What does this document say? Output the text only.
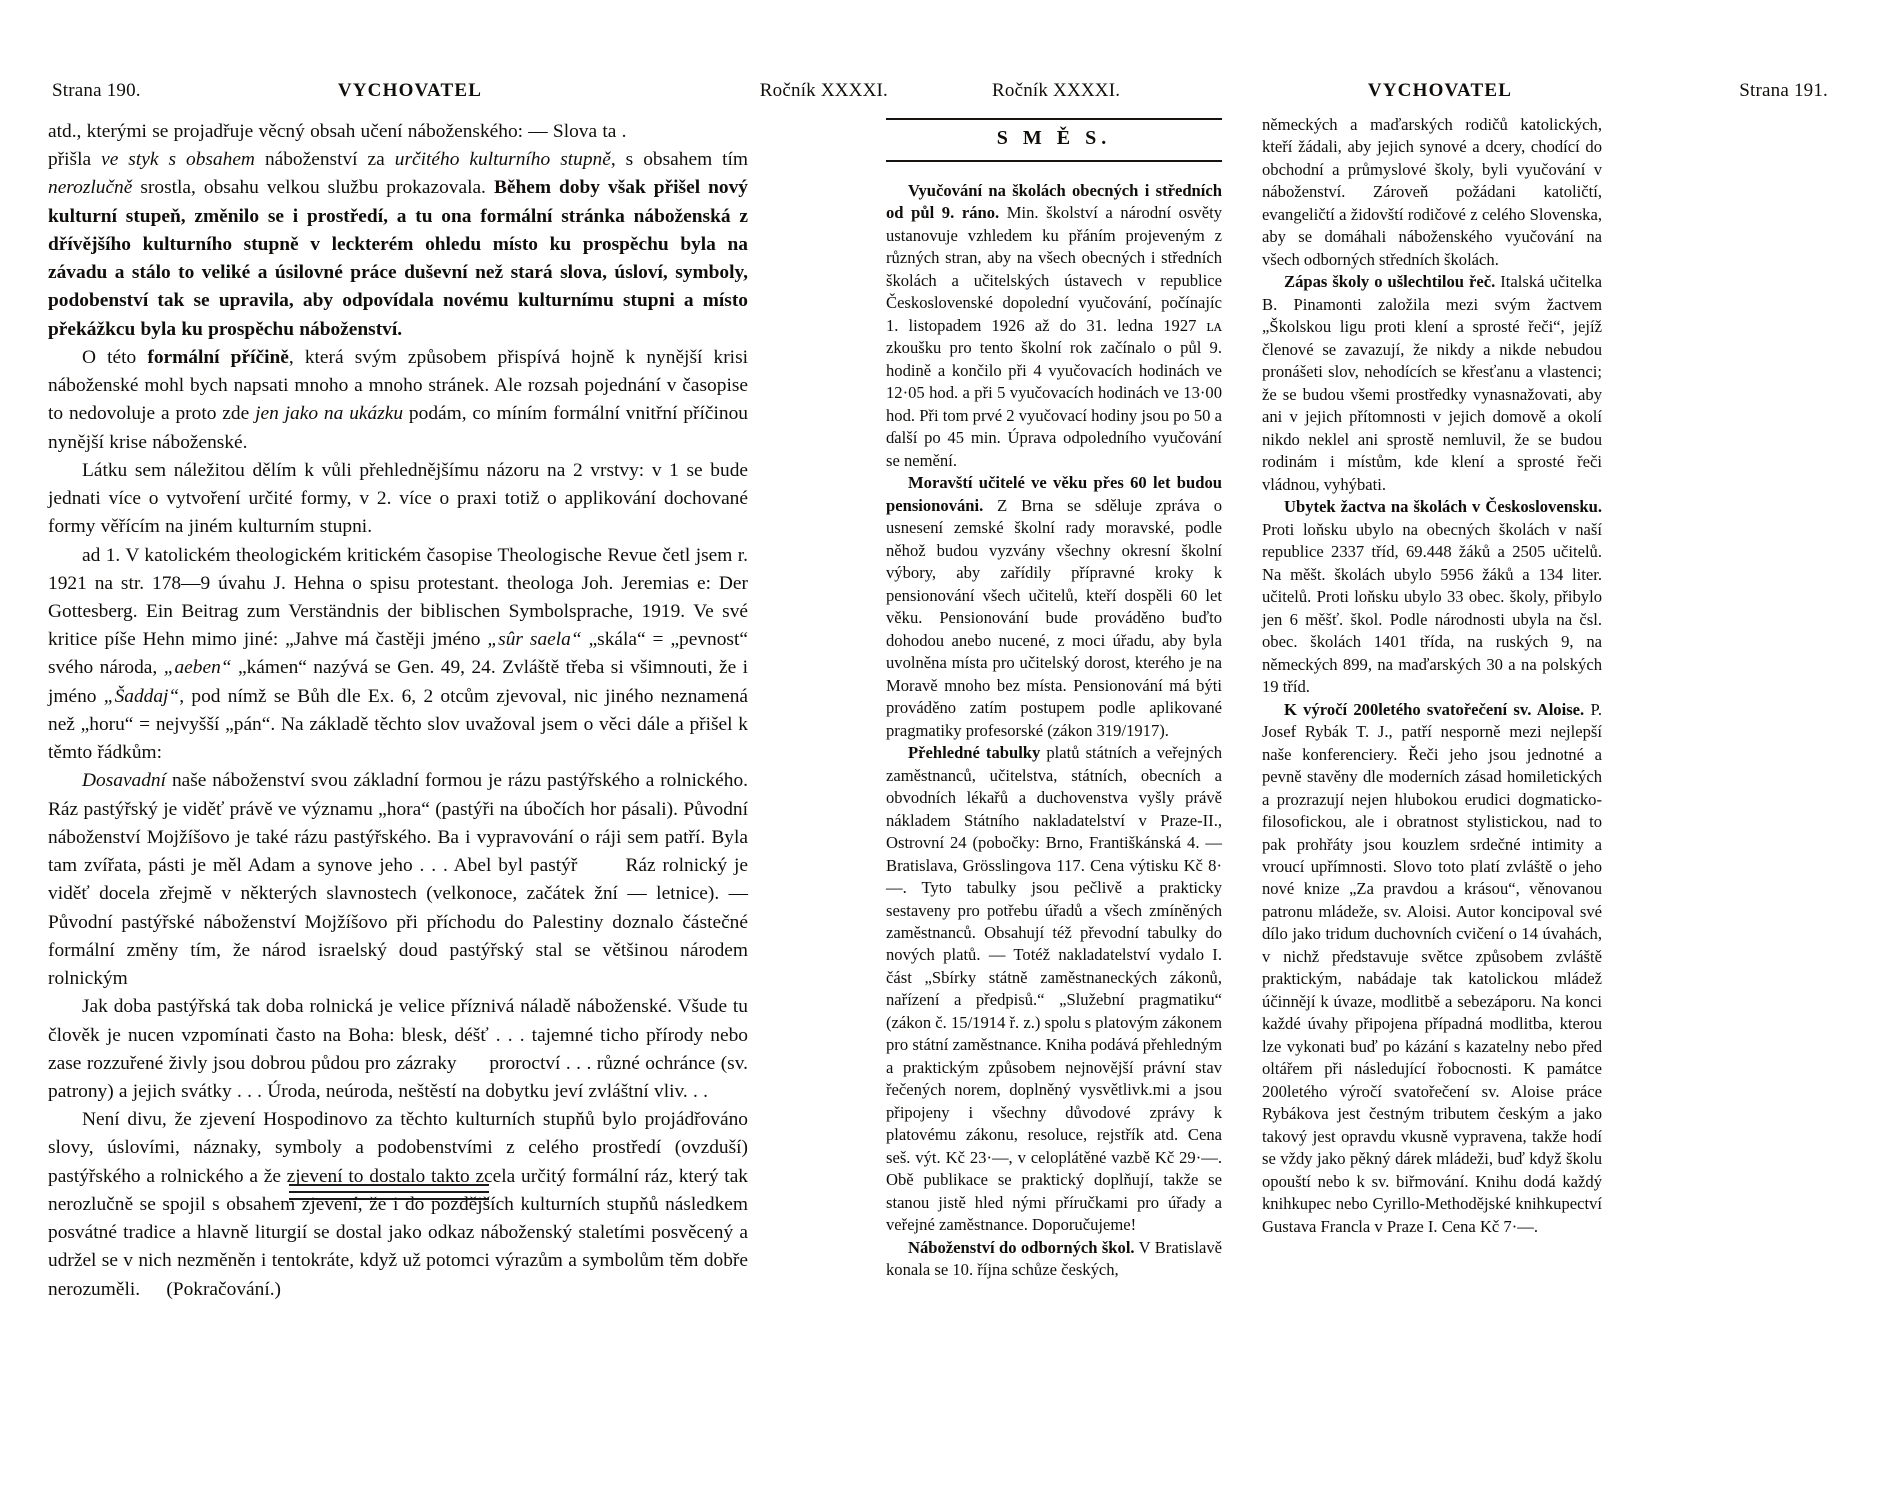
Strana 190.	VYCHOVATEL	Ročník XXXXI.

atd., kterými se projadřuje věcný obsah učení náboženského: — Slova ta .
přišla ve styk s obsahem náboženství za určitého kulturního stupně, s obsahem tím nerozlučně srostla, obsahu velkou službu prokazovala. Během doby však přišel nový kulturní stupeň, změnilo se i prostředí, a tu ona formální stránka náboženská z dřívějšího kulturního stupně v leckterém ohledu místo ku prospěchu byla na závadu a stálo to veliké a úsilovné práce duševní než stará slova, úsloví, symboly, podobenství tak se upravila, aby odpovídala novému kulturnímu stupni a místo překážkcu byla ku prospěchu náboženství.

O této formální příčině, která svým způsobem přispívá hojně k nynější krisi náboženské mohl bych napsati mnoho a mnoho stránek. Ale rozsah pojednání v časopise to nedovoluje a proto zde jen jako na ukázku podám, co míním formální vnitřní příčinou nynější krise náboženské.

Látku sem náležitou dělím k vůli přehlednějšímu názoru na 2 vrstvy: v 1 se bude jednati více o vytvoření určité formy, v 2. více o praxi totiž o applikování dochované formy věřícím na jiném kulturním stupni.

ad 1. V katolickém theologickém kritickém časopise Theologische Revue četl jsem r. 1921 na str. 178—9 úvahu J. Hehna o spisu protestant. theologa Joh. Jeremias e: Der Gottesberg. Ein Beitrag zum Verständnis der biblischen Symbolsprache, 1919. Ve své kritice píše Hehn mimo jiné: „Jahve má častěji jméno „sûr saela“ „skála“ = „pevnost“ svého národa, „aeben“ „kámen“ nazývá se Gen. 49, 24. Zvláště třeba si všimnouti, že i jméno „Šaddaj“, pod nímž se Bůh dle Ex. 6, 2 otcům zjevoval, nic jiného neznamená než „horu“ = nejvyšší „pán“. Na základě těchto slov uvažoval jsem o věci dále a přišel k těmto řádkům:

Dosavadní naše náboženství svou základní formou je rázu pastýřského a rolnického. Ráz pastýřský je viděť právě ve významu „hora“ (pastýři na úbočích hor pásali). Původní náboženství Mojžíšovo je také rázu pastýřského. Ba i vypravování o ráji sem patří. Byla tam zvířata, pásti je měl Adam a synove jeho . . . Abel byl pastýř       Ráz rolnický je viděť docela zřejmě v některých slavnostech (velkonoce, začátek žní — letnice). — Původní pastýřské náboženství Mojžíšovo při příchodu do Palestiny doznalo částečné formální změny tím, že národ israelský doud pastýřský stal se většinou národem rolnickým

Jak doba pastýřská tak doba rolnická je velice příznivá náladě náboženské. Všude tu člověk je nucen vzpomínati často na Boha: blesk, déšť . . . tajemné ticho přírody nebo zase rozzuřené živly jsou dobrou půdou pro zázraky      proroctví . . . různé ochránce (sv. patrony) a jejich svátky . . . Úroda, neúroda, neštěstí na dobytku jeví zvláštní vliv. . .

Není divu, že zjevení Hospodinovo za těchto kulturních stupňů bylo projádřováno slovy, úslovími, náznaky, symboly a podobenstvími z celého prostředí (ovzduší) pastýřského a rolnického a že zjevení to dostalo takto zcela určitý formální ráz, který tak nerozlučně se spojil s obsahem zjevení, že i do pozdějších kulturních stupňů následkem posvátné tradice a hlavně liturgií se dostal jako odkaz náboženský staletími posvěcený a udržel se v nich nezměněn i tentokráte, když už potomci výrazům a symbolům těm dobře nerozuměli.     (Pokračování.)

Ročník XXXXI.	VYCHOVATEL	Strana 191.
S M Ě S.

Vyučování na školách obecných i středních od půl 9. ráno. Min. školství a národní osvěty ustanovuje vzhledem ku přáním projeveným z různých stran, aby na všech obecných i středních školách a učitelských ústavech v republice Československé dopolední vyučování, počínajíc 1. listopadem 1926 až do 31. ledna 1927 ʟᴀ zkoušku pro tento školní rok začínalo o půl 9. hodině a končilo při 4 vyučovacích hodinách ve 12·05 hod. a při 5 vyučovacích hodinách ve 13·00 hod. Při tom prvé 2 vyučovací hodiny jsou po 50 a ɗalší po 45 min. Úprava odpoledního vyučování se nemění.

Moravští učitelé ve věku přes 60 let budou pensionováni. Z Brna se sděluje zpráva o usnesení zemské školní rady moravské, podle něhož budou vyzvány všechny okresní školní výbory, aby zařídily přípravné kroky k pensionování všech učitelů, kteří dospěli 60 let věku. Pensionování bude prováděno buďto dohodou anebo nucené, z moci úřadu, aby byla uvolněna místa pro učitelský dorost, kterého je na Moravě mnoho bez místa. Pensionování má býti prováděno zatím postupem podle aplikované pragmatiky profesorské (zákon 319/1917).

Přehledné tabulky platů státních a veřejných zaměstnanců, učitelstva, státních, obecních a obvodních lékařů a duchovenstva vyšly právě nákladem Státního nakladatelství v Praze-II., Ostrovní 24 (pobočky: Brno, Františkánská 4. — Bratislava, Grösslingova 117. Cena výtisku Kč 8·—. Tyto tabulky jsou pečlivě a prakticky sestaveny pro potřebu úřadů a všech zmíněných zaměstnanců. Obsahují též převodní tabulky do nových platů. — Totéž nakladatelství vydalo I. část „Sbírky státně zaměstnaneckých zákonů, nařízení a předpisů.“ „Služební pragmatiku“ (zákon č. 15/1914 ř. z.) spolu s platovým zákonem pro státní zaměstnance. Kniha podává přehledným a praktickým způsobem nejnovější právní stav řečených norem, doplněný vysvětlivk.mi a jsou připojeny i všechny důvodové zprávy k platovému zákonu, resoluce, rejstřík atd. Cena seš. výt. Kč 23·—, v celoplátěné vazbě Kč 29·—. Obě publikace se praktický doplňují, takže se stanou jistě hled nými příručkami pro úřady a veřejné zaměstnance. Doporučujeme!

Náboženství do odborných škol. V Bratislavě konala se 10. října schůze českých,

německých a maďarských rodičů katolických, kteří žádali, aby jejich synové a dcery, chodící do obchodní a průmyslové školy, byli vyučování v náboženství. Zároveň požádani katoličtí, evangeličtí a židovští rodičové z celého Slovenska, aby se domáhali náboženského vyučování na všech odborných středních školách.

Zápas školy o ušlechtilou řeč. Italská učitelka B. Pinamonti založila mezi svým žactvem „Školskou ligu proti klení a sprosté řeči“, jejíž členové se zavazují, že nikdy a nikde nebudou pronášeti slov, nehodících se křesťanu a vlastenci; že se budou všemi prostředky vynasnažovati, aby ani v jejich přítomnosti v jejich domově a okolí nikdo neklel ani sprostě nemluvil, že se budou rodinám i místům, kde klení a sprosté řeči vládnou, vyhýbati.

Ubytek žactva na školách v Československu. Proti loňsku ubylo na obecných školách v naší republice 2337 tříd, 69.448 žáků a 2505 učitelů. Na měšt. školách ubylo 5956 žáků a 134 liter. učitelů. Proti loňsku ubylo 33 obec. školy, přibylo jen 6 měšť. škol. Podle národnosti ubyla na čsl. obec. školách 1401 třída, na ruských 9, na německých 899, na maďarských 30 a na polských 19 tříd.

K výročí 200letého svatořečení sv. Aloise. P. Josef Rybák T. J., patří nesporně mezi nejlepší naše konferenciery. Řeči jeho jsou jednotné a pevně stavěny dle moderních zásad homiletických a prozrazují nejen hlubokou erudici dogmaticko-filosofickou, ale i obratnost stylistickou, nad to pak prohřáty jsou kouzlem srdečné intimity a vroucí upřímnosti. Slovo toto platí zvláště o jeho nové knize „Za pravdou a krásou“, věnovanou patronu mládeže, sv. Aloisi. Autor koncipoval své dílo jako tridum duchovních cvičení o 14 úvahách, v nichž představuje světce způsobem zvláště praktickým, nabádaje tak katolickou mládež účinnějí k úvaze, modlitbě a sebezáporu. Na konci každé úvahy připojena případná modlitba, kterou lze vykonati buď po kázání s kazatelny nebo před oltářem při následující řobocnosti. K památce 200letého výročí svatořečení sv. Aloise práce Rybákova jest čestným tributem českým a jako takový jest opravdu vkusně vypravena, takže hodí se vždy jako pěkný dárek mládeži, buď když školu opouští nebo k sv. biřmování. Knihu dodá každý knihkupec nebo Cyrillo-Methodějské knihkupectví Gustava Francla v Praze I. Cena Kč 7·—.
